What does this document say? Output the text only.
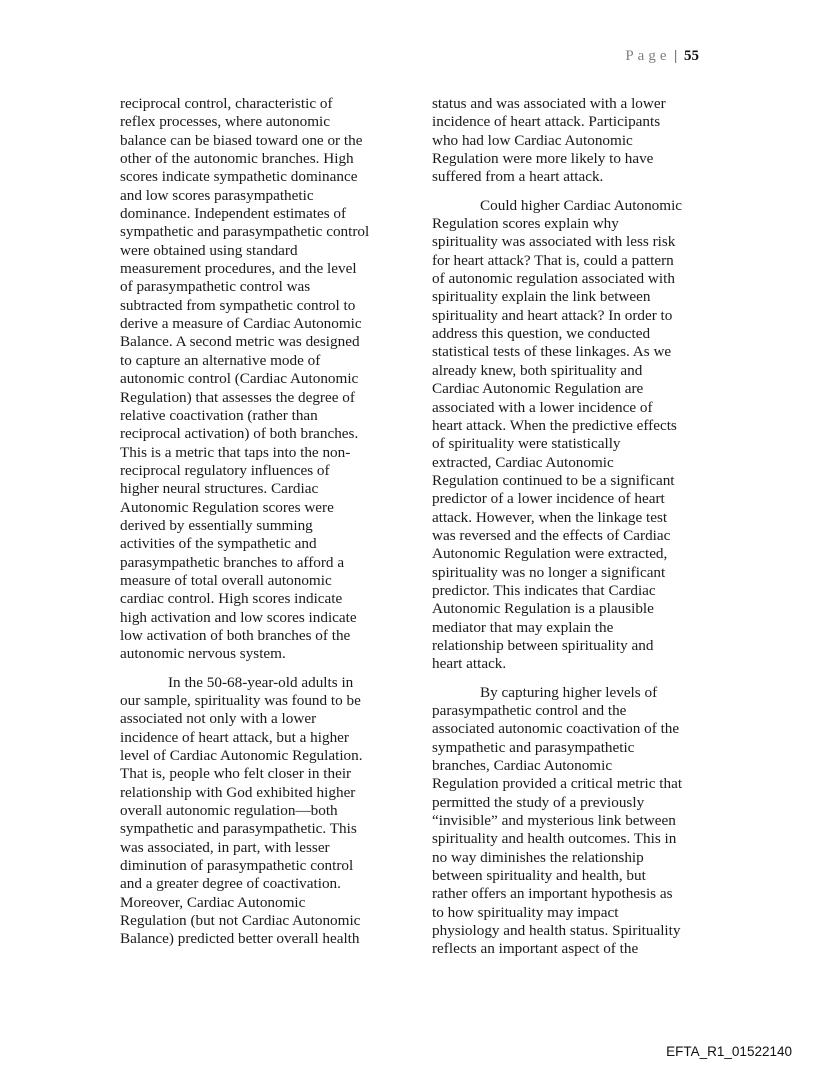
Page | 55
reciprocal control, characteristic of
reflex processes, where autonomic
balance can be biased toward one or the
other of the autonomic branches. High
scores indicate sympathetic dominance
and low scores parasympathetic
dominance. Independent estimates of
sympathetic and parasympathetic control
were obtained using standard
measurement procedures, and the level
of parasympathetic control was
subtracted from sympathetic control to
derive a measure of Cardiac Autonomic
Balance. A second metric was designed
to capture an alternative mode of
autonomic control (Cardiac Autonomic
Regulation) that assesses the degree of
relative coactivation (rather than
reciprocal activation) of both branches.
This is a metric that taps into the non-
reciprocal regulatory influences of
higher neural structures. Cardiac
Autonomic Regulation scores were
derived by essentially summing
activities of the sympathetic and
parasympathetic branches to afford a
measure of total overall autonomic
cardiac control. High scores indicate
high activation and low scores indicate
low activation of both branches of the
autonomic nervous system.
In the 50-68-year-old adults in
our sample, spirituality was found to be
associated not only with a lower
incidence of heart attack, but a higher
level of Cardiac Autonomic Regulation.
That is, people who felt closer in their
relationship with God exhibited higher
overall autonomic regulation—both
sympathetic and parasympathetic. This
was associated, in part, with lesser
diminution of parasympathetic control
and a greater degree of coactivation.
Moreover, Cardiac Autonomic
Regulation (but not Cardiac Autonomic
Balance) predicted better overall health
status and was associated with a lower
incidence of heart attack. Participants
who had low Cardiac Autonomic
Regulation were more likely to have
suffered from a heart attack.
Could higher Cardiac Autonomic
Regulation scores explain why
spirituality was associated with less risk
for heart attack? That is, could a pattern
of autonomic regulation associated with
spirituality explain the link between
spirituality and heart attack? In order to
address this question, we conducted
statistical tests of these linkages. As we
already knew, both spirituality and
Cardiac Autonomic Regulation are
associated with a lower incidence of
heart attack. When the predictive effects
of spirituality were statistically
extracted, Cardiac Autonomic
Regulation continued to be a significant
predictor of a lower incidence of heart
attack. However, when the linkage test
was reversed and the effects of Cardiac
Autonomic Regulation were extracted,
spirituality was no longer a significant
predictor. This indicates that Cardiac
Autonomic Regulation is a plausible
mediator that may explain the
relationship between spirituality and
heart attack.
By capturing higher levels of
parasympathetic control and the
associated autonomic coactivation of the
sympathetic and parasympathetic
branches, Cardiac Autonomic
Regulation provided a critical metric that
permitted the study of a previously
“invisible” and mysterious link between
spirituality and health outcomes. This in
no way diminishes the relationship
between spirituality and health, but
rather offers an important hypothesis as
to how spirituality may impact
physiology and health status. Spirituality
reflects an important aspect of the
EFTA_R1_01522140
